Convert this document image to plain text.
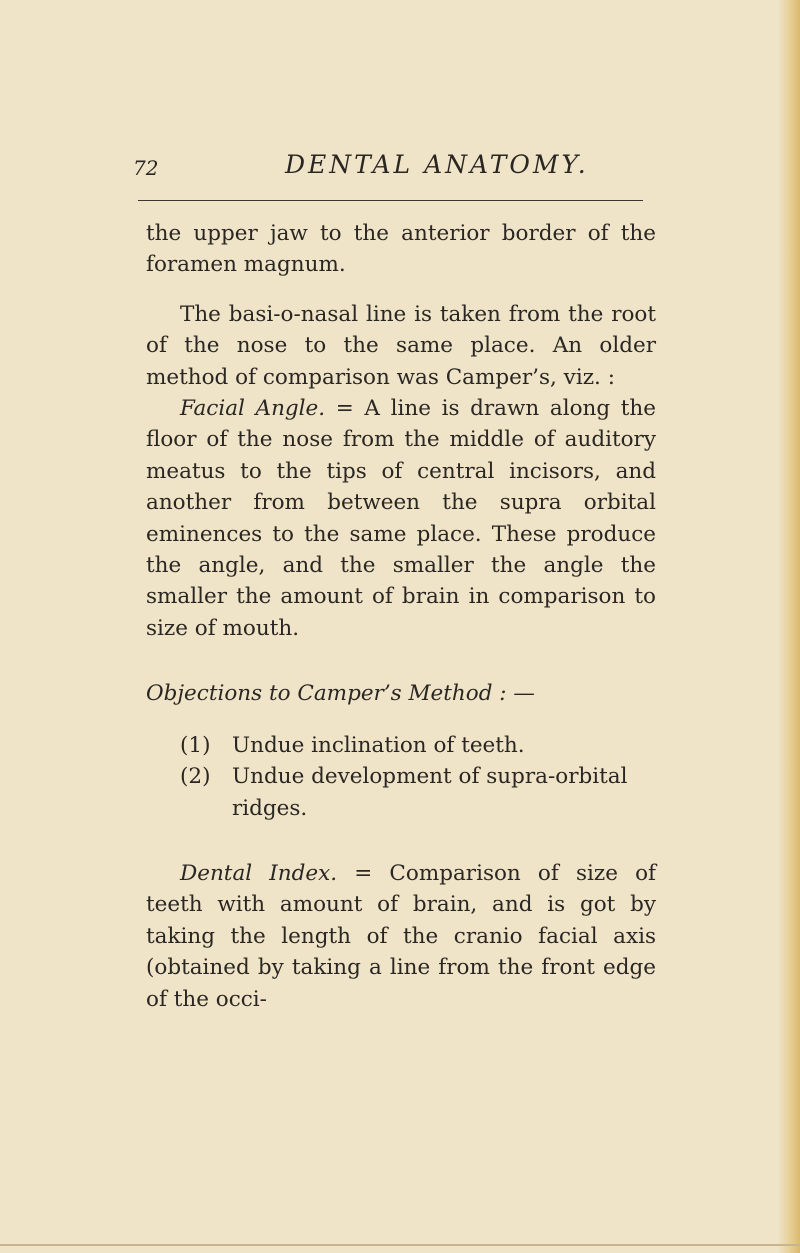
72	DENTAL ANATOMY.

the upper jaw to the anterior border of the foramen magnum.

The basi-o-nasal line is taken from the root of the nose to the same place. An older method of comparison was Camper’s, viz. :

Facial Angle. = A line is drawn along the floor of the nose from the middle of auditory meatus to the tips of central incisors, and another from between the supra orbital eminences to the same place. These produce the angle, and the smaller the angle the smaller the amount of brain in comparison to size of mouth.

Objections to Camper’s Method : —

(1)	Undue inclination of teeth.
(2)	Undue development of supra-orbital ridges.

Dental Index. = Comparison of size of teeth with amount of brain, and is got by taking the length of the cranio facial axis (obtained by taking a line from the front edge of the occi-
